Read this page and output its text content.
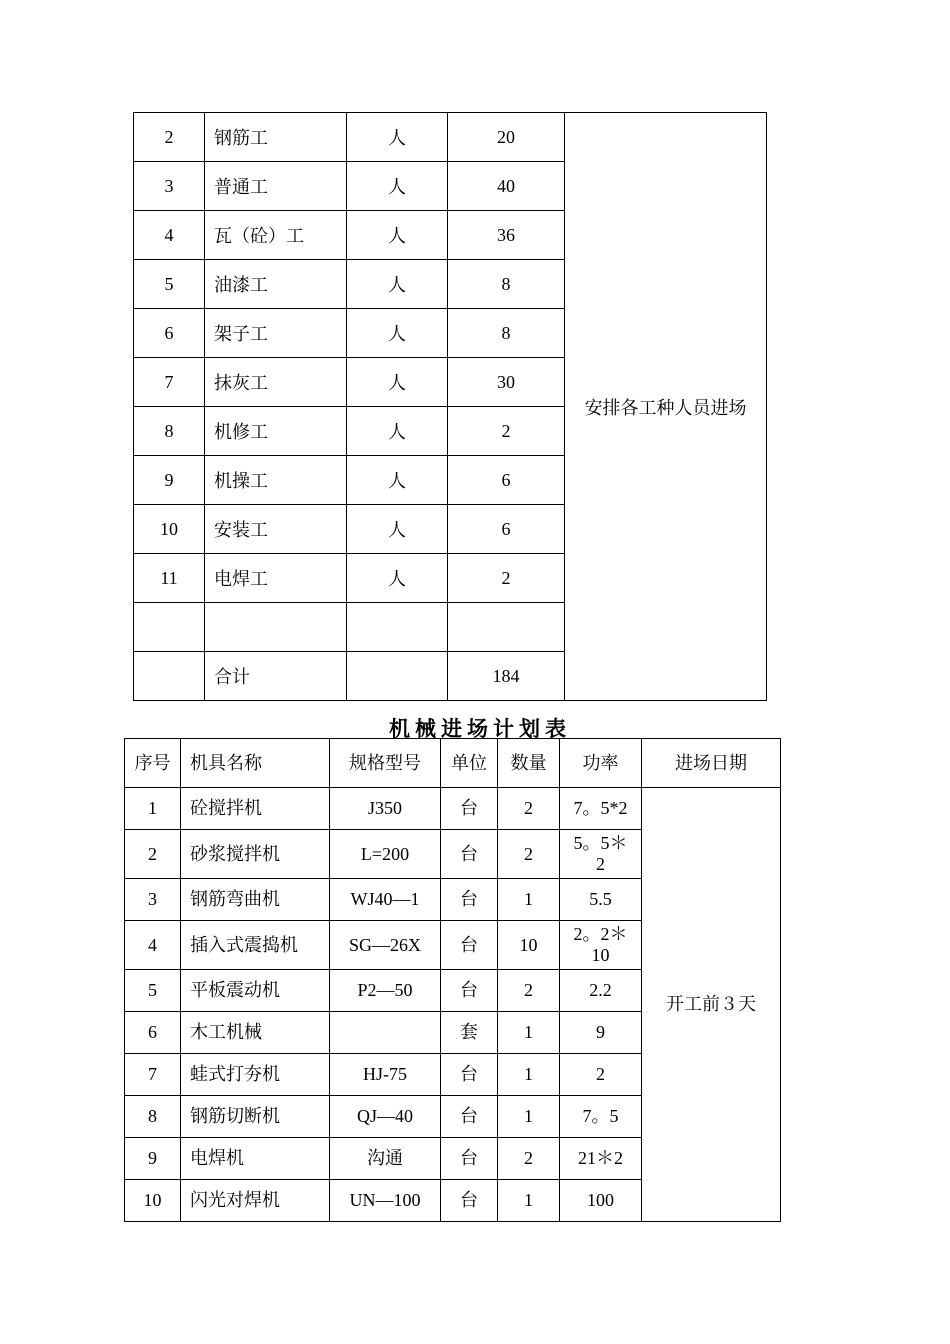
2	钢筋工	人	20	安排各工种人员进场
3	普通工	人	40	
4	瓦（砼）工	人	36	
5	油漆工	人	8	
6	架子工	人	8	
7	抹灰工	人	30	
8	机修工	人	2	
9	机操工	人	6	
10	安装工	人	6	
11	电焊工	人	2	

	合计		184	
机械进场计划表
序号	机具名称	规格型号	单位	数量	功率	进场日期
1	砼搅拌机	J350	台	2	7。5*2	开工前３天
2	砂浆搅拌机	L=200	台	2	5。5＊2	
3	钢筋弯曲机	WJ40—1	台	1	5.5	
4	插入式震捣机	SG—26X	台	10	2。2＊10	
5	平板震动机	P2—50	台	2	2.2	
6	木工机械		套	1	9	
7	蛙式打夯机	HJ-75	台	1	2	
8	钢筋切断机	QJ—40	台	1	7。5	
9	电焊机	沟通	台	2	21＊2	
10	闪光对焊机	UN—100	台	1	100	
